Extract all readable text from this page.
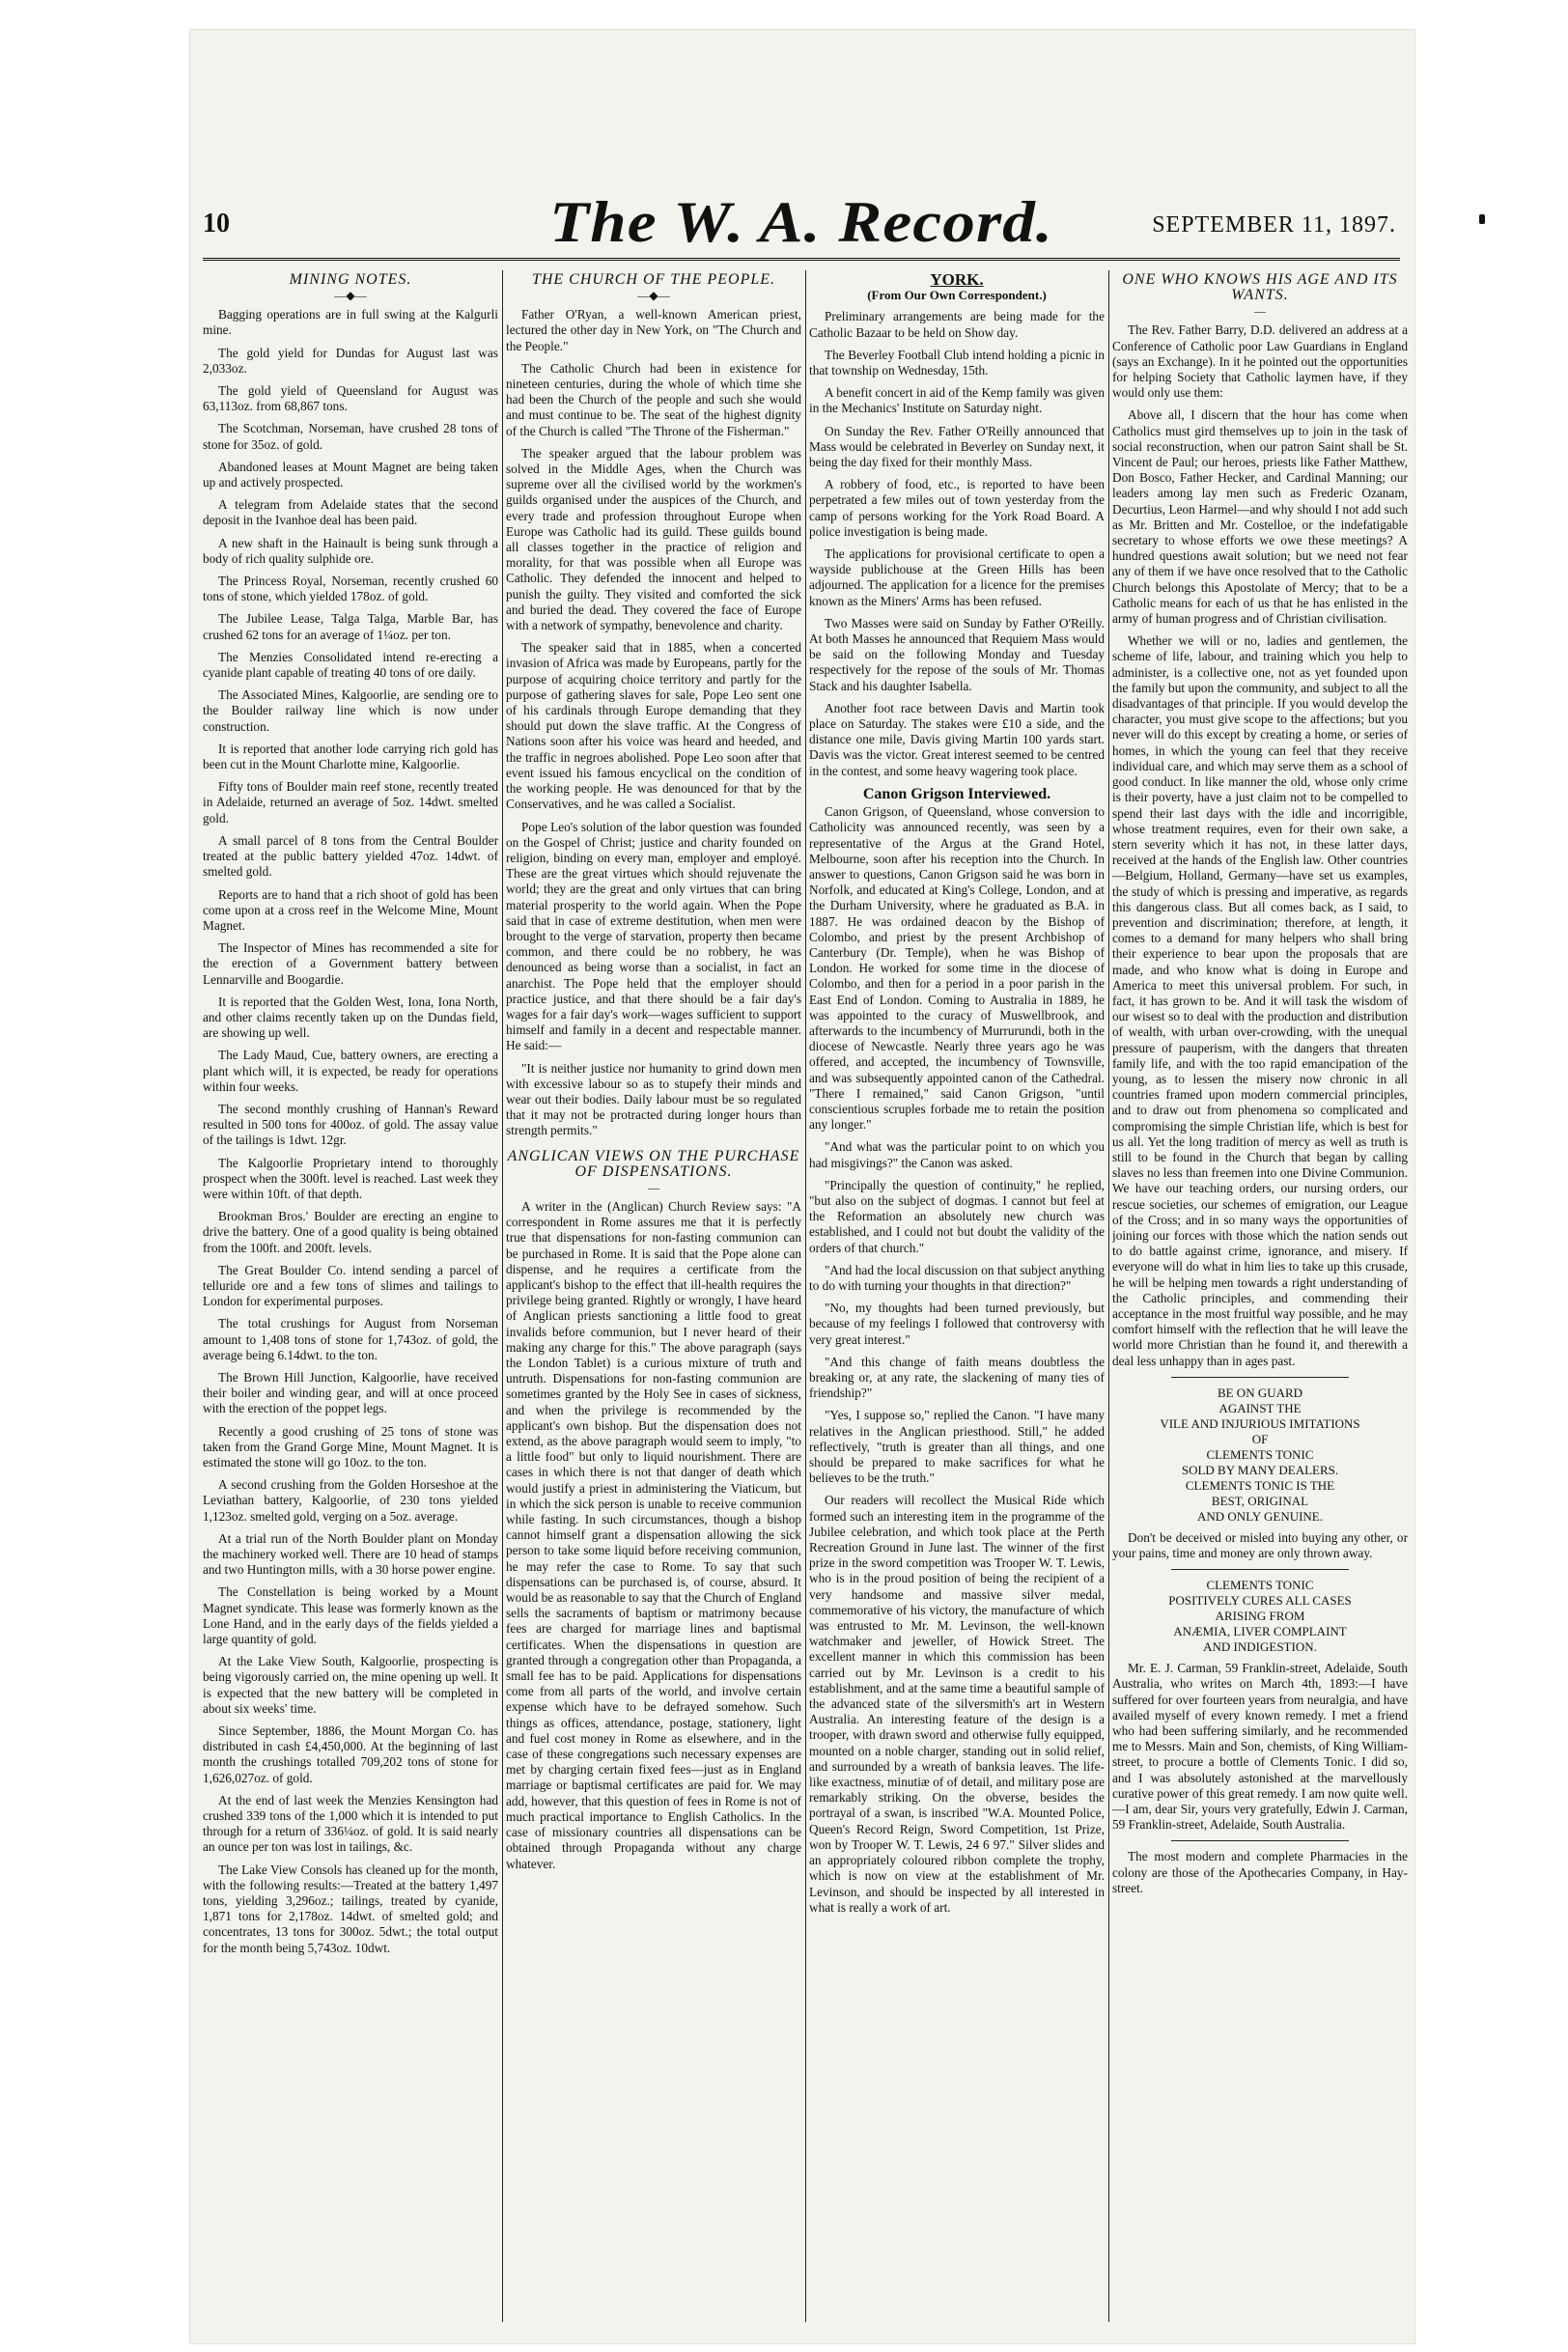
10	The W. A. Record.	SEPTEMBER 11, 1897.
MINING NOTES.
—◆—

Bagging operations are in full swing at the Kalgurli mine.

The gold yield for Dundas for August last was 2,033oz.

The gold yield of Queensland for August was 63,113oz. from 68,867 tons.

The Scotchman, Norseman, have crushed 28 tons of stone for 35oz. of gold.

Abandoned leases at Mount Magnet are being taken up and actively prospected.

A telegram from Adelaide states that the second deposit in the Ivanhoe deal has been paid.

A new shaft in the Hainault is being sunk through a body of rich quality sulphide ore.

The Princess Royal, Norseman, recently crushed 60 tons of stone, which yielded 178oz. of gold.

The Jubilee Lease, Talga Talga, Marble Bar, has crushed 62 tons for an average of 1¼oz. per ton.

The Menzies Consolidated intend re-erecting a cyanide plant capable of treating 40 tons of ore daily.

The Associated Mines, Kalgoorlie, are sending ore to the Boulder railway line which is now under construction.

It is reported that another lode carrying rich gold has been cut in the Mount Charlotte mine, Kalgoorlie.

Fifty tons of Boulder main reef stone, recently treated in Adelaide, returned an average of 5oz. 14dwt. smelted gold.

A small parcel of 8 tons from the Central Boulder treated at the public battery yielded 47oz. 14dwt. of smelted gold.

Reports are to hand that a rich shoot of gold has been come upon at a cross reef in the Welcome Mine, Mount Magnet.

The Inspector of Mines has recommended a site for the erection of a Government battery between Lennarville and Boogardie.

It is reported that the Golden West, Iona, Iona North, and other claims recently taken up on the Dundas field, are showing up well.

The Lady Maud, Cue, battery owners, are erecting a plant which will, it is expected, be ready for operations within four weeks.

The second monthly crushing of Hannan's Reward resulted in 500 tons for 400oz. of gold. The assay value of the tailings is 1dwt. 12gr.

The Kalgoorlie Proprietary intend to thoroughly prospect when the 300ft. level is reached. Last week they were within 10ft. of that depth.

Brookman Bros.' Boulder are erecting an engine to drive the battery. One of a good quality is being obtained from the 100ft. and 200ft. levels.

The Great Boulder Co. intend sending a parcel of telluride ore and a few tons of slimes and tailings to London for experimental purposes.

The total crushings for August from Norseman amount to 1,408 tons of stone for 1,743oz. of gold, the average being 6.14dwt. to the ton.

The Brown Hill Junction, Kalgoorlie, have received their boiler and winding gear, and will at once proceed with the erection of the poppet legs.

Recently a good crushing of 25 tons of stone was taken from the Grand Gorge Mine, Mount Magnet. It is estimated the stone will go 10oz. to the ton.

A second crushing from the Golden Horseshoe at the Leviathan battery, Kalgoorlie, of 230 tons yielded 1,123oz. smelted gold, verging on a 5oz. average.

At a trial run of the North Boulder plant on Monday the machinery worked well. There are 10 head of stamps and two Huntington mills, with a 30 horse power engine.

The Constellation is being worked by a Mount Magnet syndicate. This lease was formerly known as the Lone Hand, and in the early days of the fields yielded a large quantity of gold.

At the Lake View South, Kalgoorlie, prospecting is being vigorously carried on, the mine opening up well. It is expected that the new battery will be completed in about six weeks' time.

Since September, 1886, the Mount Morgan Co. has distributed in cash £4,450,000. At the beginning of last month the crushings totalled 709,202 tons of stone for 1,626,027oz. of gold.

At the end of last week the Menzies Kensington had crushed 339 tons of the 1,000 which it is intended to put through for a return of 336¼oz. of gold. It is said nearly an ounce per ton was lost in tailings, &c.

The Lake View Consols has cleaned up for the month, with the following results:—Treated at the battery 1,497 tons, yielding 3,296oz.; tailings, treated by cyanide, 1,871 tons for 2,178oz. 14dwt. of smelted gold; and concentrates, 13 tons for 300oz. 5dwt.; the total output for the month being 5,743oz. 10dwt.

THE CHURCH OF THE PEOPLE.
—◆—

Father O'Ryan, a well-known American priest, lectured the other day in New York, on "The Church and the People."

The Catholic Church had been in existence for nineteen centuries, during the whole of which time she had been the Church of the people and such she would and must continue to be. The seat of the highest dignity of the Church is called "The Throne of the Fisherman."

The speaker argued that the labour problem was solved in the Middle Ages, when the Church was supreme over all the civilised world by the workmen's guilds organised under the auspices of the Church, and every trade and profession throughout Europe when Europe was Catholic had its guild. These guilds bound all classes together in the practice of religion and morality, for that was possible when all Europe was Catholic. They defended the innocent and helped to punish the guilty. They visited and comforted the sick and buried the dead. They covered the face of Europe with a network of sympathy, benevolence and charity.

The speaker said that in 1885, when a concerted invasion of Africa was made by Europeans, partly for the purpose of acquiring choice territory and partly for the purpose of gathering slaves for sale, Pope Leo sent one of his cardinals through Europe demanding that they should put down the slave traffic. At the Congress of Nations soon after his voice was heard and heeded, and the traffic in negroes abolished. Pope Leo soon after that event issued his famous encyclical on the condition of the working people. He was denounced for that by the Conservatives, and he was called a Socialist.

Pope Leo's solution of the labor question was founded on the Gospel of Christ; justice and charity founded on religion, binding on every man, employer and employé. These are the great virtues which should rejuvenate the world; they are the great and only virtues that can bring material prosperity to the world again. When the Pope said that in case of extreme destitution, when men were brought to the verge of starvation, property then became common, and there could be no robbery, he was denounced as being worse than a socialist, in fact an anarchist. The Pope held that the employer should practice justice, and that there should be a fair day's wages for a fair day's work—wages sufficient to support himself and family in a decent and respectable manner. He said:—

"It is neither justice nor humanity to grind down men with excessive labour so as to stupefy their minds and wear out their bodies. Daily labour must be so regulated that it may not be protracted during longer hours than strength permits."

ANGLICAN VIEWS ON THE PURCHASE OF DISPENSATIONS.
—

A writer in the (Anglican) Church Review says: "A correspondent in Rome assures me that it is perfectly true that dispensations for non-fasting communion can be purchased in Rome. It is said that the Pope alone can dispense, and he requires a certificate from the applicant's bishop to the effect that ill-health requires the privilege being granted. Rightly or wrongly, I have heard of Anglican priests sanctioning a little food to great invalids before communion, but I never heard of their making any charge for this." The above paragraph (says the London Tablet) is a curious mixture of truth and untruth. Dispensations for non-fasting communion are sometimes granted by the Holy See in cases of sickness, and when the privilege is recommended by the applicant's own bishop. But the dispensation does not extend, as the above paragraph would seem to imply, "to a little food" but only to liquid nourishment. There are cases in which there is not that danger of death which would justify a priest in administering the Viaticum, but in which the sick person is unable to receive communion while fasting. In such circumstances, though a bishop cannot himself grant a dispensation allowing the sick person to take some liquid before receiving communion, he may refer the case to Rome. To say that such dispensations can be purchased is, of course, absurd. It would be as reasonable to say that the Church of England sells the sacraments of baptism or matrimony because fees are charged for marriage lines and baptismal certificates. When the dispensations in question are granted through a congregation other than Propaganda, a small fee has to be paid. Applications for dispensations come from all parts of the world, and involve certain expense which have to be defrayed somehow. Such things as offices, attendance, postage, stationery, light and fuel cost money in Rome as elsewhere, and in the case of these congregations such necessary expenses are met by charging certain fixed fees—just as in England marriage or baptismal certificates are paid for. We may add, however, that this question of fees in Rome is not of much practical importance to English Catholics. In the case of missionary countries all dispensations can be obtained through Propaganda without any charge whatever.

YORK.
(From Our Own Correspondent.)

Preliminary arrangements are being made for the Catholic Bazaar to be held on Show day.

The Beverley Football Club intend holding a picnic in that township on Wednesday, 15th.

A benefit concert in aid of the Kemp family was given in the Mechanics' Institute on Saturday night.

On Sunday the Rev. Father O'Reilly announced that Mass would be celebrated in Beverley on Sunday next, it being the day fixed for their monthly Mass.

A robbery of food, etc., is reported to have been perpetrated a few miles out of town yesterday from the camp of persons working for the York Road Board. A police investigation is being made.

The applications for provisional certificate to open a wayside publichouse at the Green Hills has been adjourned. The application for a licence for the premises known as the Miners' Arms has been refused.

Two Masses were said on Sunday by Father O'Reilly. At both Masses he announced that Requiem Mass would be said on the following Monday and Tuesday respectively for the repose of the souls of Mr. Thomas Stack and his daughter Isabella.

Another foot race between Davis and Martin took place on Saturday. The stakes were £10 a side, and the distance one mile, Davis giving Martin 100 yards start. Davis was the victor. Great interest seemed to be centred in the contest, and some heavy wagering took place.

Canon Grigson Interviewed.

Canon Grigson, of Queensland, whose conversion to Catholicity was announced recently, was seen by a representative of the Argus at the Grand Hotel, Melbourne, soon after his reception into the Church. In answer to questions, Canon Grigson said he was born in Norfolk, and educated at King's College, London, and at the Durham University, where he graduated as B.A. in 1887. He was ordained deacon by the Bishop of Colombo, and priest by the present Archbishop of Canterbury (Dr. Temple), when he was Bishop of London. He worked for some time in the diocese of Colombo, and then for a period in a poor parish in the East End of London. Coming to Australia in 1889, he was appointed to the curacy of Muswellbrook, and afterwards to the incumbency of Murrurundi, both in the diocese of Newcastle. Nearly three years ago he was offered, and accepted, the incumbency of Townsville, and was subsequently appointed canon of the Cathedral. "There I remained," said Canon Grigson, "until conscientious scruples forbade me to retain the position any longer."

"And what was the particular point to on which you had misgivings?" the Canon was asked.

"Principally the question of continuity," he replied, "but also on the subject of dogmas. I cannot but feel at the Reformation an absolutely new church was established, and I could not but doubt the validity of the orders of that church."

"And had the local discussion on that subject anything to do with turning your thoughts in that direction?"

"No, my thoughts had been turned previously, but because of my feelings I followed that controversy with very great interest."

"And this change of faith means doubtless the breaking or, at any rate, the slackening of many ties of friendship?"

"Yes, I suppose so," replied the Canon. "I have many relatives in the Anglican priesthood. Still," he added reflectively, "truth is greater than all things, and one should be prepared to make sacrifices for what he believes to be the truth."

Our readers will recollect the Musical Ride which formed such an interesting item in the programme of the Jubilee celebration, and which took place at the Perth Recreation Ground in June last. The winner of the first prize in the sword competition was Trooper W. T. Lewis, who is in the proud position of being the recipient of a very handsome and massive silver medal, commemorative of his victory, the manufacture of which was entrusted to Mr. M. Levinson, the well-known watchmaker and jeweller, of Howick Street. The excellent manner in which this commission has been carried out by Mr. Levinson is a credit to his establishment, and at the same time a beautiful sample of the advanced state of the silversmith's art in Western Australia. An interesting feature of the design is a trooper, with drawn sword and otherwise fully equipped, mounted on a noble charger, standing out in solid relief, and surrounded by a wreath of banksia leaves. The life-like exactness, minutiæ of of detail, and military pose are remarkably striking. On the obverse, besides the portrayal of a swan, is inscribed "W.A. Mounted Police, Queen's Record Reign, Sword Competition, 1st Prize, won by Trooper W. T. Lewis, 24 6 97." Silver slides and an appropriately coloured ribbon complete the trophy, which is now on view at the establishment of Mr. Levinson, and should be inspected by all interested in what is really a work of art.

ONE WHO KNOWS HIS AGE AND ITS WANTS.
—

The Rev. Father Barry, D.D. delivered an address at a Conference of Catholic poor Law Guardians in England (says an Exchange). In it he pointed out the opportunities for helping Society that Catholic laymen have, if they would only use them:

Above all, I discern that the hour has come when Catholics must gird themselves up to join in the task of social reconstruction, when our patron Saint shall be St. Vincent de Paul; our heroes, priests like Father Matthew, Don Bosco, Father Hecker, and Cardinal Manning; our leaders among lay men such as Frederic Ozanam, Decurtius, Leon Harmel—and why should I not add such as Mr. Britten and Mr. Costelloe, or the indefatigable secretary to whose efforts we owe these meetings? A hundred questions await solution; but we need not fear any of them if we have once resolved that to the Catholic Church belongs this Apostolate of Mercy; that to be a Catholic means for each of us that he has enlisted in the army of human progress and of Christian civilisation.

Whether we will or no, ladies and gentlemen, the scheme of life, labour, and training which you help to administer, is a collective one, not as yet founded upon the family but upon the community, and subject to all the disadvantages of that principle. If you would develop the character, you must give scope to the affections; but you never will do this except by creating a home, or series of homes, in which the young can feel that they receive individual care, and which may serve them as a school of good conduct. In like manner the old, whose only crime is their poverty, have a just claim not to be compelled to spend their last days with the idle and incorrigible, whose treatment requires, even for their own sake, a stern severity which it has not, in these latter days, received at the hands of the English law. Other countries—Belgium, Holland, Germany—have set us examples, the study of which is pressing and imperative, as regards this dangerous class. But all comes back, as I said, to prevention and discrimination; therefore, at length, it comes to a demand for many helpers who shall bring their experience to bear upon the proposals that are made, and who know what is doing in Europe and America to meet this universal problem. For such, in fact, it has grown to be. And it will task the wisdom of our wisest so to deal with the production and distribution of wealth, with urban over-crowding, with the unequal pressure of pauperism, with the dangers that threaten family life, and with the too rapid emancipation of the young, as to lessen the misery now chronic in all countries framed upon modern commercial principles, and to draw out from phenomena so complicated and compromising the simple Christian life, which is best for us all. Yet the long tradition of mercy as well as truth is still to be found in the Church that began by calling slaves no less than freemen into one Divine Communion. We have our teaching orders, our nursing orders, our rescue societies, our schemes of emigration, our League of the Cross; and in so many ways the opportunities of joining our forces with those which the nation sends out to do battle against crime, ignorance, and misery. If everyone will do what in him lies to take up this crusade, he will be helping men towards a right understanding of the Catholic principles, and commending their acceptance in the most fruitful way possible, and he may comfort himself with the reflection that he will leave the world more Christian than he found it, and therewith a deal less unhappy than in ages past.

BE ON GUARD
AGAINST THE
VILE AND INJURIOUS IMITATIONS
OF
CLEMENTS TONIC
SOLD BY MANY DEALERS.
CLEMENTS TONIC IS THE
BEST, ORIGINAL
AND ONLY GENUINE.

Don't be deceived or misled into buying any other, or your pains, time and money are only thrown away.

CLEMENTS TONIC
POSITIVELY CURES ALL CASES
ARISING FROM
ANÆMIA, LIVER COMPLAINT
AND INDIGESTION.

Mr. E. J. Carman, 59 Franklin-street, Adelaide, South Australia, who writes on March 4th, 1893:—I have suffered for over fourteen years from neuralgia, and have availed myself of every known remedy. I met a friend who had been suffering similarly, and he recommended me to Messrs. Main and Son, chemists, of King William-street, to procure a bottle of Clements Tonic. I did so, and I was absolutely astonished at the marvellously curative power of this great remedy. I am now quite well.—I am, dear Sir, yours very gratefully, Edwin J. Carman, 59 Franklin-street, Adelaide, South Australia.

The most modern and complete Pharmacies in the colony are those of the Apothecaries Company, in Hay-street.
